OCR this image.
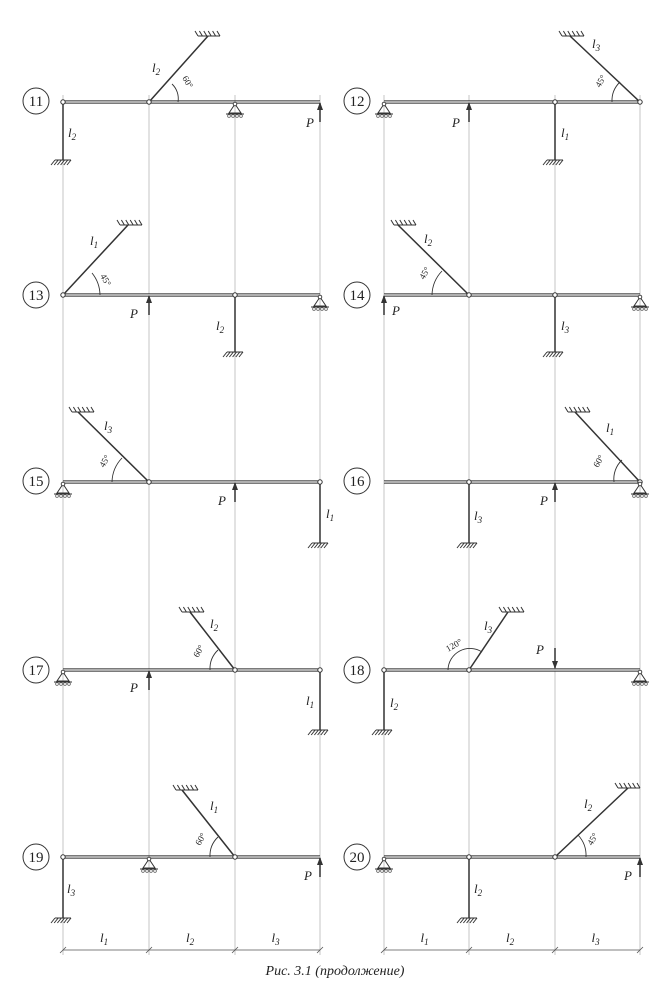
11
$l_2$
60°
$l_2$
P
12
$l_3$
45°
P
$l_1$
13
$l_1$
45°
P
$l_2$
14
$l_2$
45°
P
$l_3$
15
$l_3$
45°
P
$l_1$
16
$l_1$
60°
$l_3$
P
17
$l_2$
60°
P
$l_1$
18
$l_3$
120°	P
$l_2$
19
$l_1$
60°
$l_3$
P
20
$l_2$
45°
$l_2$
P
$l_1$	$l_2$	$l_3$	$l_1$	$l_2$	$l_3$
Рис. 3.1 (продолжение)
